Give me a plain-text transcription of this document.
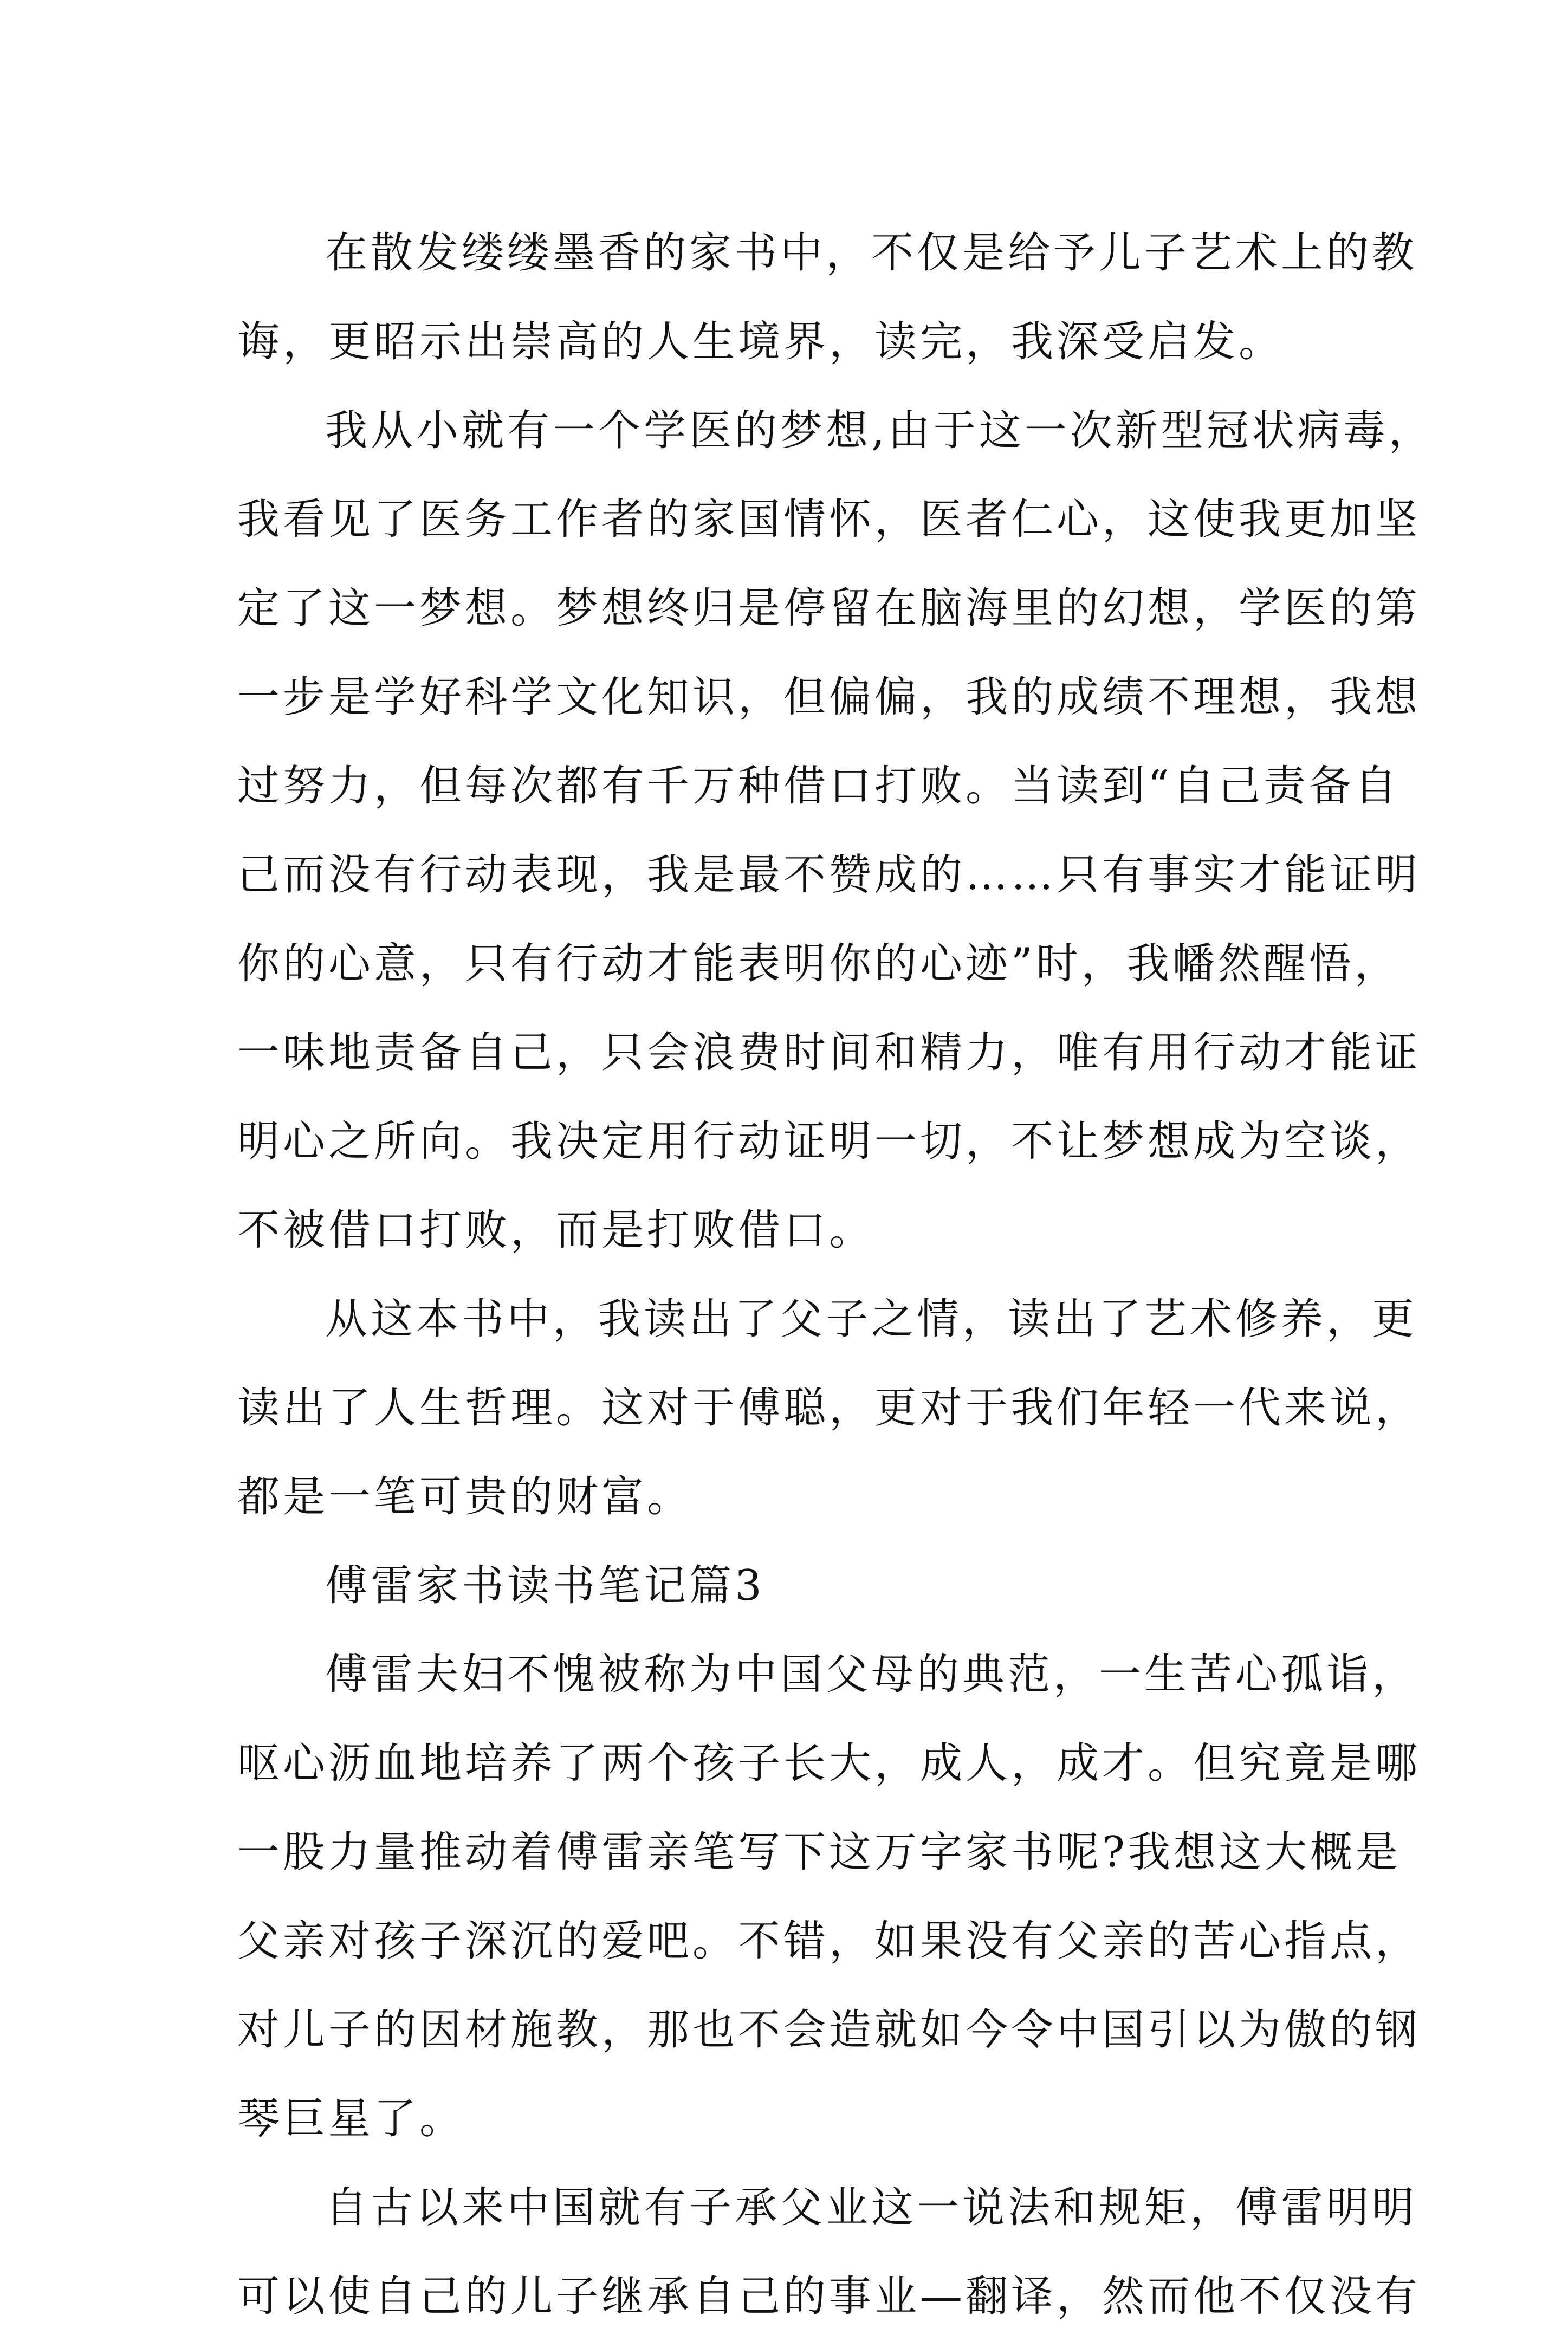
在散发缕缕墨香的家书中，不仅是给予儿子艺术上的教
诲，更昭示出崇高的人生境界，读完，我深受启发。
我从小就有一个学医的梦想,由于这一次新型冠状病毒，
我看见了医务工作者的家国情怀，医者仁心，这使我更加坚
定了这一梦想。梦想终归是停留在脑海里的幻想，学医的第
一步是学好科学文化知识，但偏偏，我的成绩不理想，我想
过努力，但每次都有千万种借口打败。当读到“自己责备自
己而没有行动表现，我是最不赞成的……只有事实才能证明
你的心意，只有行动才能表明你的心迹”时，我幡然醒悟，
一味地责备自己，只会浪费时间和精力，唯有用行动才能证
明心之所向。我决定用行动证明一切，不让梦想成为空谈，
不被借口打败，而是打败借口。
从这本书中，我读出了父子之情，读出了艺术修养，更
读出了人生哲理。这对于傅聪，更对于我们年轻一代来说，
都是一笔可贵的财富。
傅雷家书读书笔记篇3
傅雷夫妇不愧被称为中国父母的典范，一生苦心孤诣，
呕心沥血地培养了两个孩子长大，成人，成才。但究竟是哪
一股力量推动着傅雷亲笔写下这万字家书呢?我想这大概是
父亲对孩子深沉的爱吧。不错，如果没有父亲的苦心指点，
对儿子的因材施教，那也不会造就如今令中国引以为傲的钢
琴巨星了。
自古以来中国就有子承父业这一说法和规矩，傅雷明明
可以使自己的儿子继承自己的事业—翻译，然而他不仅没有
